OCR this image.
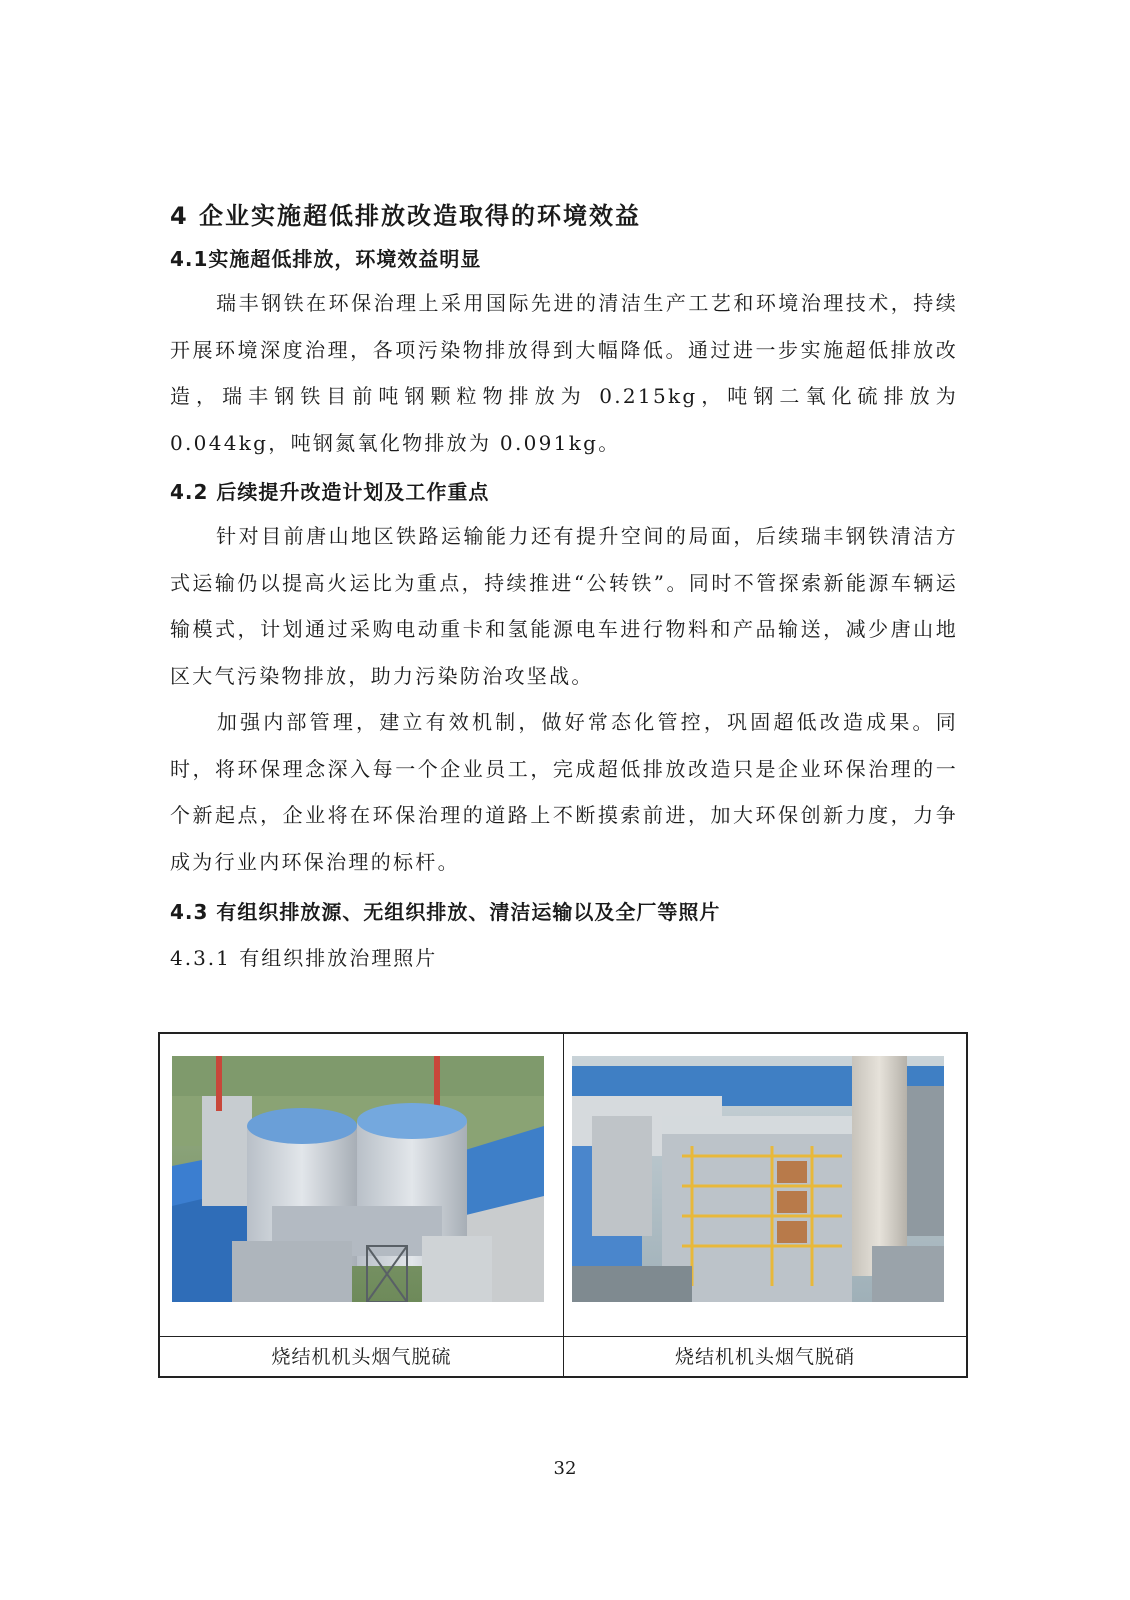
4 企业实施超低排放改造取得的环境效益
4.1实施超低排放，环境效益明显

瑞丰钢铁在环保治理上采用国际先进的清洁生产工艺和环境治理技术，持续开展环境深度治理，各项污染物排放得到大幅降低。通过进一步实施超低排放改造，瑞丰钢铁目前吨钢颗粒物排放为 0.215kg，吨钢二氧化硫排放为 0.044kg，吨钢氮氧化物排放为 0.091kg。

4.2 后续提升改造计划及工作重点

针对目前唐山地区铁路运输能力还有提升空间的局面，后续瑞丰钢铁清洁方式运输仍以提高火运比为重点，持续推进“公转铁”。同时不管探索新能源车辆运输模式，计划通过采购电动重卡和氢能源电车进行物料和产品输送，减少唐山地区大气污染物排放，助力污染防治攻坚战。

加强内部管理，建立有效机制，做好常态化管控，巩固超低改造成果。同时，将环保理念深入每一个企业员工，完成超低排放改造只是企业环保治理的一个新起点，企业将在环保治理的道路上不断摸索前进，加大环保创新力度，力争成为行业内环保治理的标杆。

4.3 有组织排放源、无组织排放、清洁运输以及全厂等照片
4.3.1 有组织排放治理照片
烧结机机头烟气脱硫	烧结机机头烟气脱硝
32
